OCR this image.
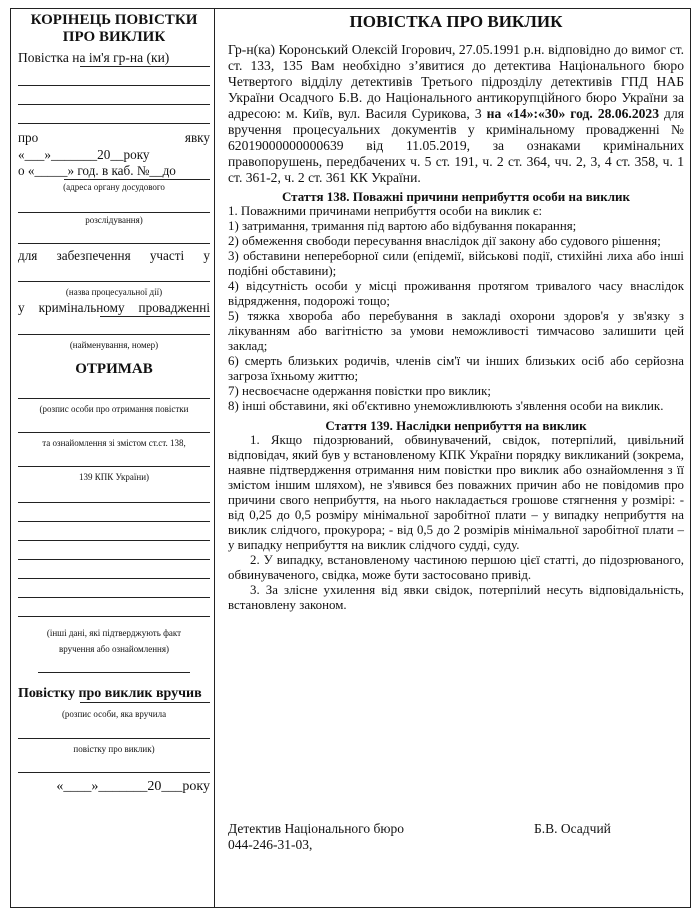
КОРІНЕЦЬ ПОВІСТКИ
ПРО ВИКЛИК
Повістка на ім'я гр-на (ки)
про явку
«___»_______20__року
о «_____» год. в каб. №__до
(адреса органу досудового
розслідування)
для забезпечення участі у
(назва процесуальної дії)
у кримінальному провадженні
(найменування, номер)
ОТРИМАВ
(розпис особи про отримання повістки
та ознайомлення зі змістом ст.ст. 138,
139 КПК України)
(інші дані, які підтверджують факт
вручення або ознайомлення)
Повістку про виклик вручив
(розпис особи, яка вручила
повістку про виклик)
«____»_______20___року
ПОВІСТКА ПРО ВИКЛИК
Гр-н(ка) Коронський Олексій Ігорович, 27.05.1991 р.н. відповідно до вимог ст. ст. 133, 135 Вам необхідно з’явитися до детектива Національного бюро Четвертого відділу детективів Третього підрозділу детективів ГПД НАБ України Осадчого Б.В. до Національного антикорупційного бюро України за адресою: м. Київ, вул. Василя Сурикова, 3 на «14»:«30» год. 28.06.2023 для вручення процесуальних документів у кримінальному провадженні № 62019000000000639 від 11.05.2019, за ознаками кримінальних правопорушень, передбачених ч. 5 ст. 191, ч. 2 ст. 364, чч. 2, 3, 4 ст. 358, ч. 1 ст. 361-2, ч. 2 ст. 361 КК України.
Стаття 138. Поважні причини неприбуття особи на виклик

1. Поважними причинами неприбуття особи на виклик є:

1) затримання, тримання під вартою або відбування покарання;

2) обмеження свободи пересування внаслідок дії закону або судового рішення;

3) обставини непереборної сили (епідемії, військові події, стихійні лиха або інші подібні обставини);

4) відсутність особи у місці проживання протягом тривалого часу внаслідок відрядження, подорожі тощо;

5) тяжка хвороба або перебування в закладі охорони здоров'я у зв'язку з лікуванням або вагітністю за умови неможливості тимчасово залишити цей заклад;

6) смерть близьких родичів, членів сім'ї чи інших близьких осіб або серйозна загроза їхньому життю;

7) несвоєчасне одержання повістки про виклик;

8) інші обставини, які об'єктивно унеможливлюють з'явлення особи на виклик.

Стаття 139. Наслідки неприбуття на виклик

1. Якщо підозрюваний, обвинувачений, свідок, потерпілий, цивільний відповідач, який був у встановленому КПК України порядку викликаний (зокрема, наявне підтвердження отримання ним повістки про виклик або ознайомлення з її змістом іншим шляхом), не з'явився без поважних причин або не повідомив про причини свого неприбуття, на нього накладається грошове стягнення у розмірі: - від 0,25 до 0,5 розміру мінімальної заробітної плати – у випадку неприбуття на виклик слідчого, прокурора; - від 0,5 до 2 розмірів мінімальної заробітної плати – у випадку неприбуття на виклик слідчого судді, суду.

2. У випадку, встановленому частиною першою цієї статті, до підозрюваного, обвинуваченого, свідка, може бути застосовано привід.

3. За злісне ухилення від явки свідок, потерпілий несуть відповідальність, встановлену законом.

Детектив Національного бюро
044-246-31-03,
Б.В. Осадчий
